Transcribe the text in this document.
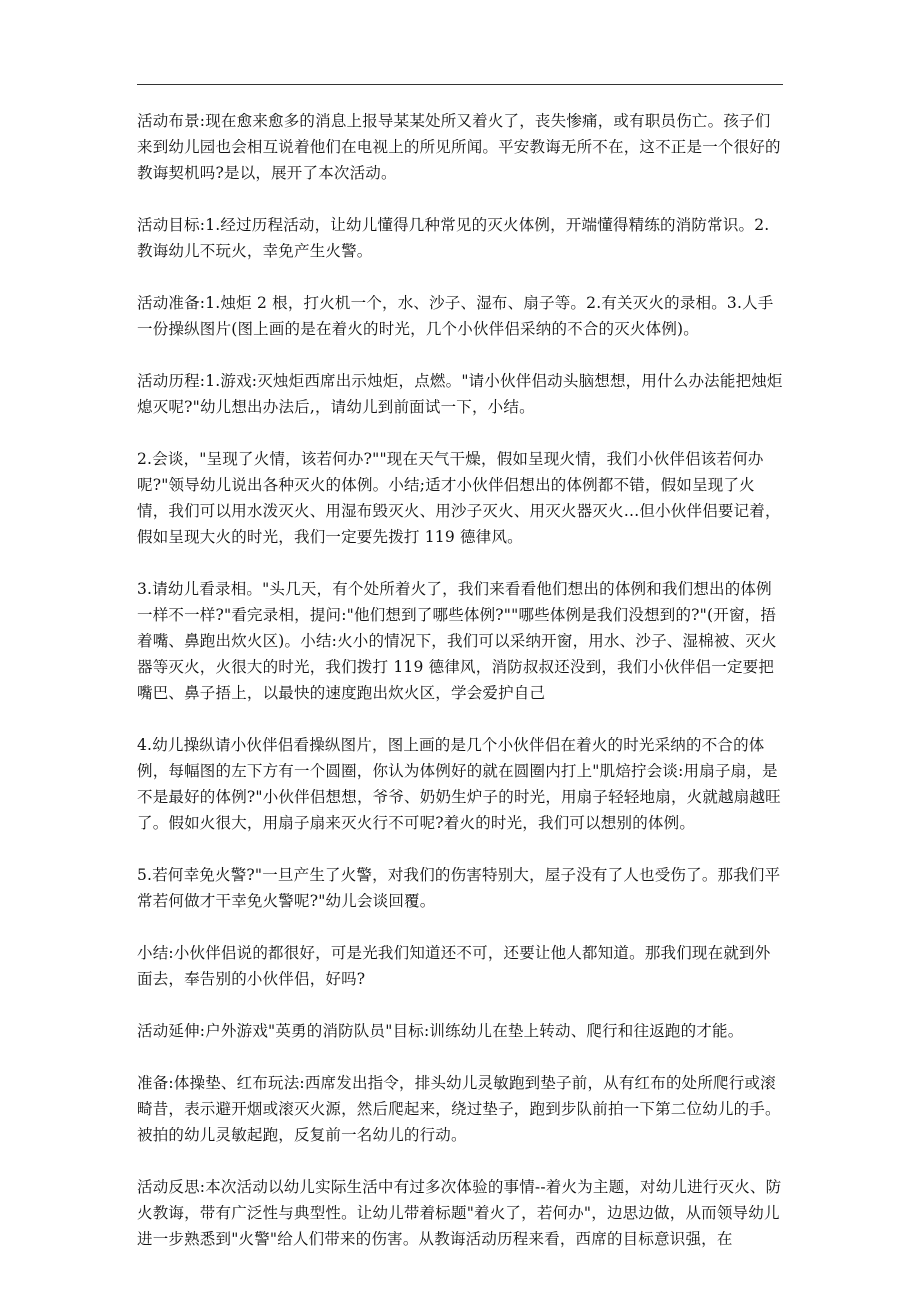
活动布景:现在愈来愈多的消息上报导某某处所又着火了，丧失惨痛，或有职员伤亡。孩子们来到幼儿园也会相互说着他们在电视上的所见所闻。平安教诲无所不在，这不正是一个很好的教诲契机吗?是以，展开了本次活动。

活动目标:1.经过历程活动，让幼儿懂得几种常见的灭火体例，开端懂得精练的消防常识。2.教诲幼儿不玩火，幸免产生火警。

活动准备:1.烛炬 2 根，打火机一个，水、沙子、湿布、扇子等。2.有关灭火的录相。3.人手一份操纵图片(图上画的是在着火的时光，几个小伙伴侣采纳的不合的灭火体例)。

活动历程:1.游戏:灭烛炬西席出示烛炬，点燃。"请小伙伴侣动头脑想想，用什么办法能把烛炬熄灭呢?"幼儿想出办法后,，请幼儿到前面试一下，小结。

2.会谈，"呈现了火情，该若何办?""现在天气干燥，假如呈现火情，我们小伙伴侣该若何办呢?"领导幼儿说出各种灭火的体例。小结;适才小伙伴侣想出的体例都不错，假如呈现了火情，我们可以用水泼灭火、用湿布毁灭火、用沙子灭火、用灭火器灭火…但小伙伴侣要记着，假如呈现大火的时光，我们一定要先拨打 119 德律风。

3.请幼儿看录相。"头几天，有个处所着火了，我们来看看他们想出的体例和我们想出的体例一样不一样?"看完录相，提问:"他们想到了哪些体例?""哪些体例是我们没想到的?"(开窗，捂着嘴、鼻跑出炊火区)。小结:火小的情况下，我们可以采纳开窗，用水、沙子、湿棉被、灭火器等灭火，火很大的时光，我们拨打 119 德律风，消防叔叔还没到，我们小伙伴侣一定要把嘴巴、鼻子捂上，以最快的速度跑出炊火区，学会爱护自己

4.幼儿操纵请小伙伴侣看操纵图片，图上画的是几个小伙伴侣在着火的时光采纳的不合的体例，每幅图的左下方有一个圆圈，你认为体例好的就在圆圈内打上"肌焙拧会谈:用扇子扇，是不是最好的体例?"小伙伴侣想想，爷爷、奶奶生炉子的时光，用扇子轻轻地扇，火就越扇越旺了。假如火很大，用扇子扇来灭火行不可呢?着火的时光，我们可以想别的体例。

5.若何幸免火警?"一旦产生了火警，对我们的伤害特别大，屋子没有了人也受伤了。那我们平常若何做才干幸免火警呢?"幼儿会谈回覆。

小结:小伙伴侣说的都很好，可是光我们知道还不可，还要让他人都知道。那我们现在就到外面去，奉告别的小伙伴侣，好吗?

活动延伸:户外游戏"英勇的消防队员"目标:训练幼儿在垫上转动、爬行和往返跑的才能。

准备:体操垫、红布玩法:西席发出指令，排头幼儿灵敏跑到垫子前，从有红布的处所爬行或滚畸昔，表示避开烟或滚灭火源，然后爬起来，绕过垫子，跑到步队前拍一下第二位幼儿的手。被拍的幼儿灵敏起跑，反复前一名幼儿的行动。

活动反思:本次活动以幼儿实际生活中有过多次体验的事情--着火为主题，对幼儿进行灭火、防火教诲，带有广泛性与典型性。让幼儿带着标题"着火了，若何办"，边思边做，从而领导幼儿进一步熟悉到"火警"给人们带来的伤害。从教诲活动历程来看，西席的目标意识强，在
